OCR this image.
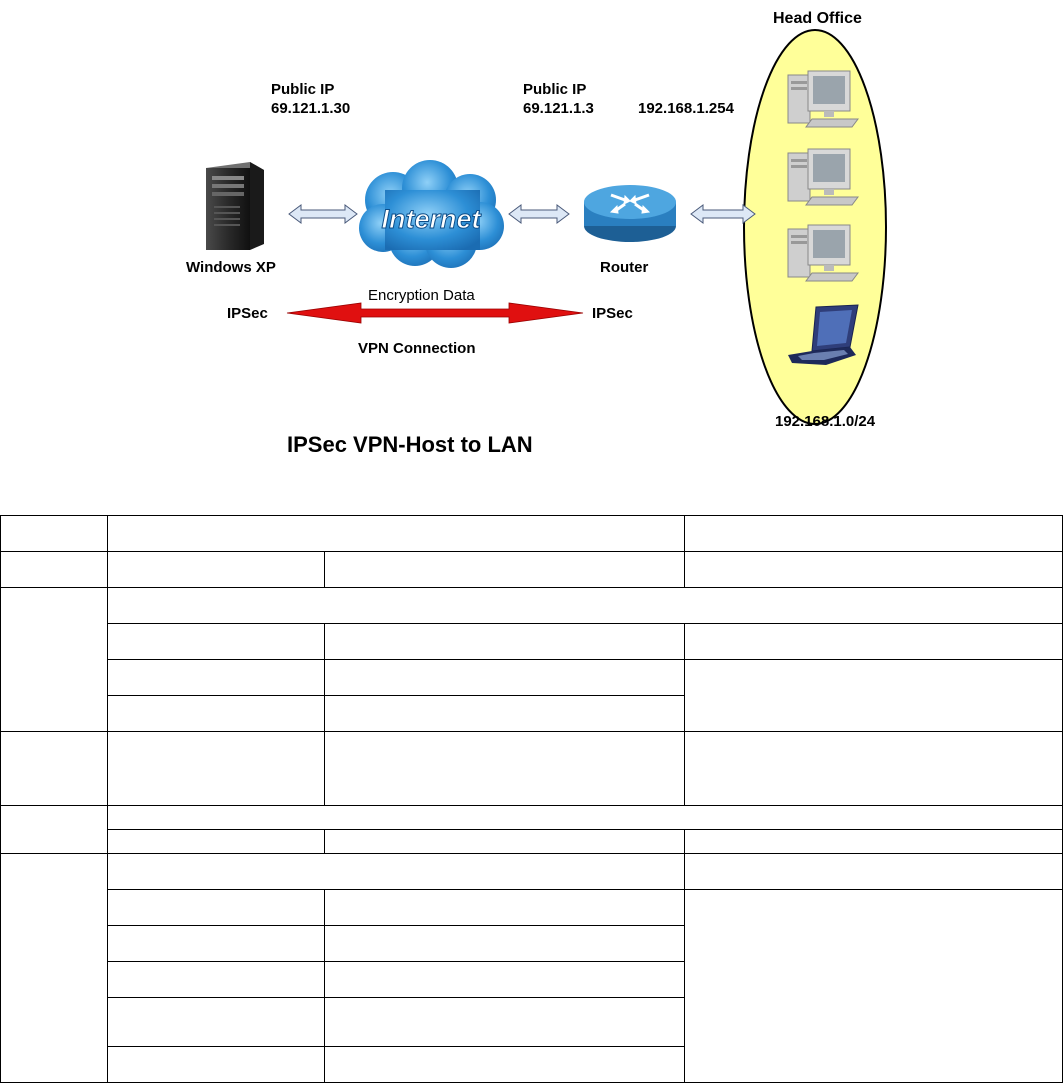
Head Office
Public IP
69.121.1.30
Public IP
69.121.1.3	192.168.1.254
Windows XP
Internet
Router
192.168.1.0/24
IPSec	IPSec
Encryption Data
VPN Connection
IPSec VPN-Host to LAN
